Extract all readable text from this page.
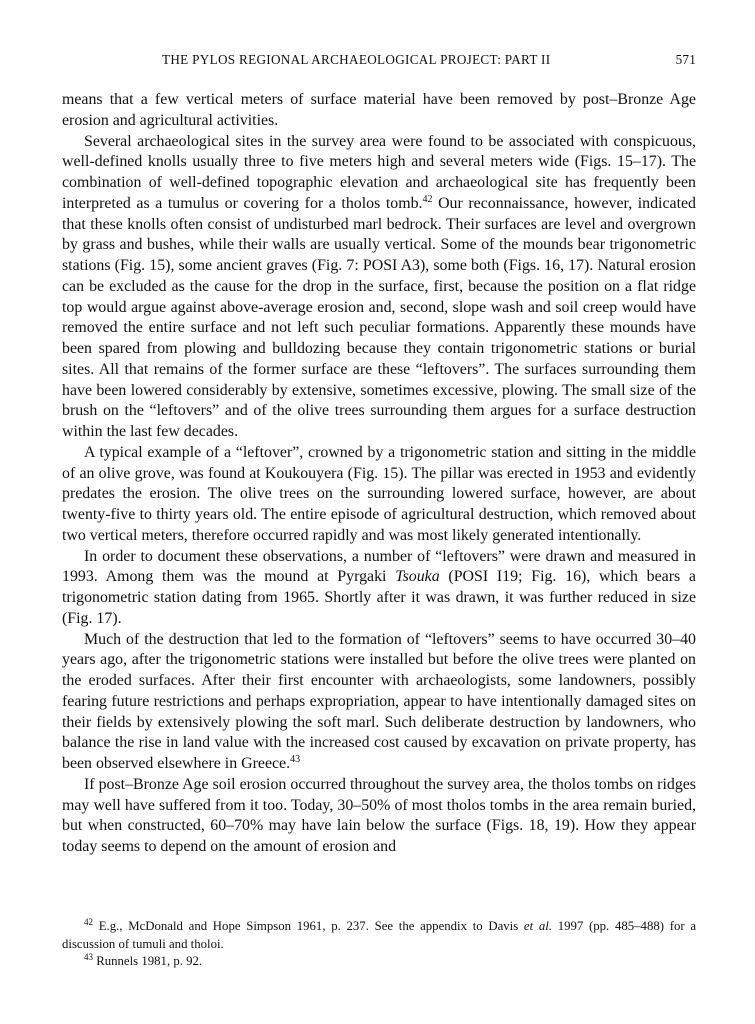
THE PYLOS REGIONAL ARCHAEOLOGICAL PROJECT: PART II	571

means that a few vertical meters of surface material have been removed by post–Bronze Age erosion and agricultural activities.

Several archaeological sites in the survey area were found to be associated with conspicuous, well-defined knolls usually three to five meters high and several meters wide (Figs. 15–17). The combination of well-defined topographic elevation and archaeological site has frequently been interpreted as a tumulus or covering for a tholos tomb.$^{42}$ Our reconnaissance, however, indicated that these knolls often consist of undisturbed marl bedrock. Their surfaces are level and overgrown by grass and bushes, while their walls are usually vertical. Some of the mounds bear trigonometric stations (Fig. 15), some ancient graves (Fig. 7: POSI A3), some both (Figs. 16, 17). Natural erosion can be excluded as the cause for the drop in the surface, first, because the position on a flat ridge top would argue against above-average erosion and, second, slope wash and soil creep would have removed the entire surface and not left such peculiar formations. Apparently these mounds have been spared from plowing and bulldozing because they contain trigonometric stations or burial sites. All that remains of the former surface are these “leftovers”. The surfaces surrounding them have been lowered considerably by extensive, sometimes excessive, plowing. The small size of the brush on the “leftovers” and of the olive trees surrounding them argues for a surface destruction within the last few decades.

A typical example of a “leftover”, crowned by a trigonometric station and sitting in the middle of an olive grove, was found at Koukouyera (Fig. 15). The pillar was erected in 1953 and evidently predates the erosion. The olive trees on the surrounding lowered surface, however, are about twenty-five to thirty years old. The entire episode of agricultural destruction, which removed about two vertical meters, therefore occurred rapidly and was most likely generated intentionally.

In order to document these observations, a number of “leftovers” were drawn and measured in 1993. Among them was the mound at Pyrgaki Tsouka (POSI I19; Fig. 16), which bears a trigonometric station dating from 1965. Shortly after it was drawn, it was further reduced in size (Fig. 17).

Much of the destruction that led to the formation of “leftovers” seems to have occurred 30–40 years ago, after the trigonometric stations were installed but before the olive trees were planted on the eroded surfaces. After their first encounter with archaeologists, some landowners, possibly fearing future restrictions and perhaps expropriation, appear to have intentionally damaged sites on their fields by extensively plowing the soft marl. Such deliberate destruction by landowners, who balance the rise in land value with the increased cost caused by excavation on private property, has been observed elsewhere in Greece.$^{43}$

If post–Bronze Age soil erosion occurred throughout the survey area, the tholos tombs on ridges may well have suffered from it too. Today, 30–50% of most tholos tombs in the area remain buried, but when constructed, 60–70% may have lain below the surface (Figs. 18, 19). How they appear today seems to depend on the amount of erosion and

$^{42}$ E.g., McDonald and Hope Simpson 1961, p. 237. See the appendix to Davis et al. 1997 (pp. 485–488) for a discussion of tumuli and tholoi.

$^{43}$ Runnels 1981, p. 92.
